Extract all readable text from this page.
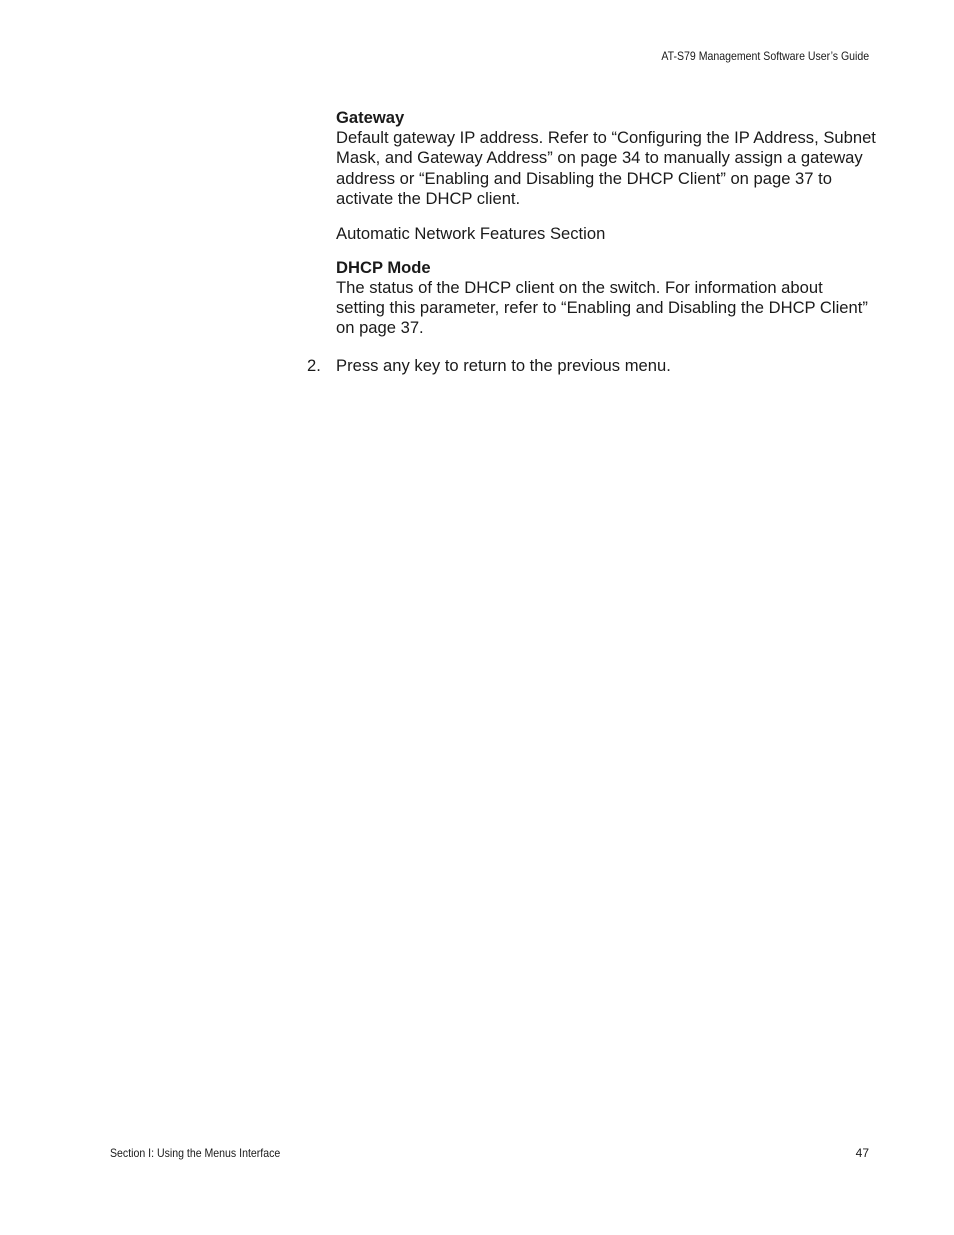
AT-S79 Management Software User’s Guide
Gateway
Default gateway IP address. Refer to “Configuring the IP Address, Subnet Mask, and Gateway Address” on page 34 to manually assign a gateway address or “Enabling and Disabling the DHCP Client” on page 37 to activate the DHCP client.
Automatic Network Features Section
DHCP Mode
The status of the DHCP client on the switch. For information about setting this parameter, refer to “Enabling and Disabling the DHCP Client” on page 37.
2. Press any key to return to the previous menu.
Section I: Using the Menus Interface	47
